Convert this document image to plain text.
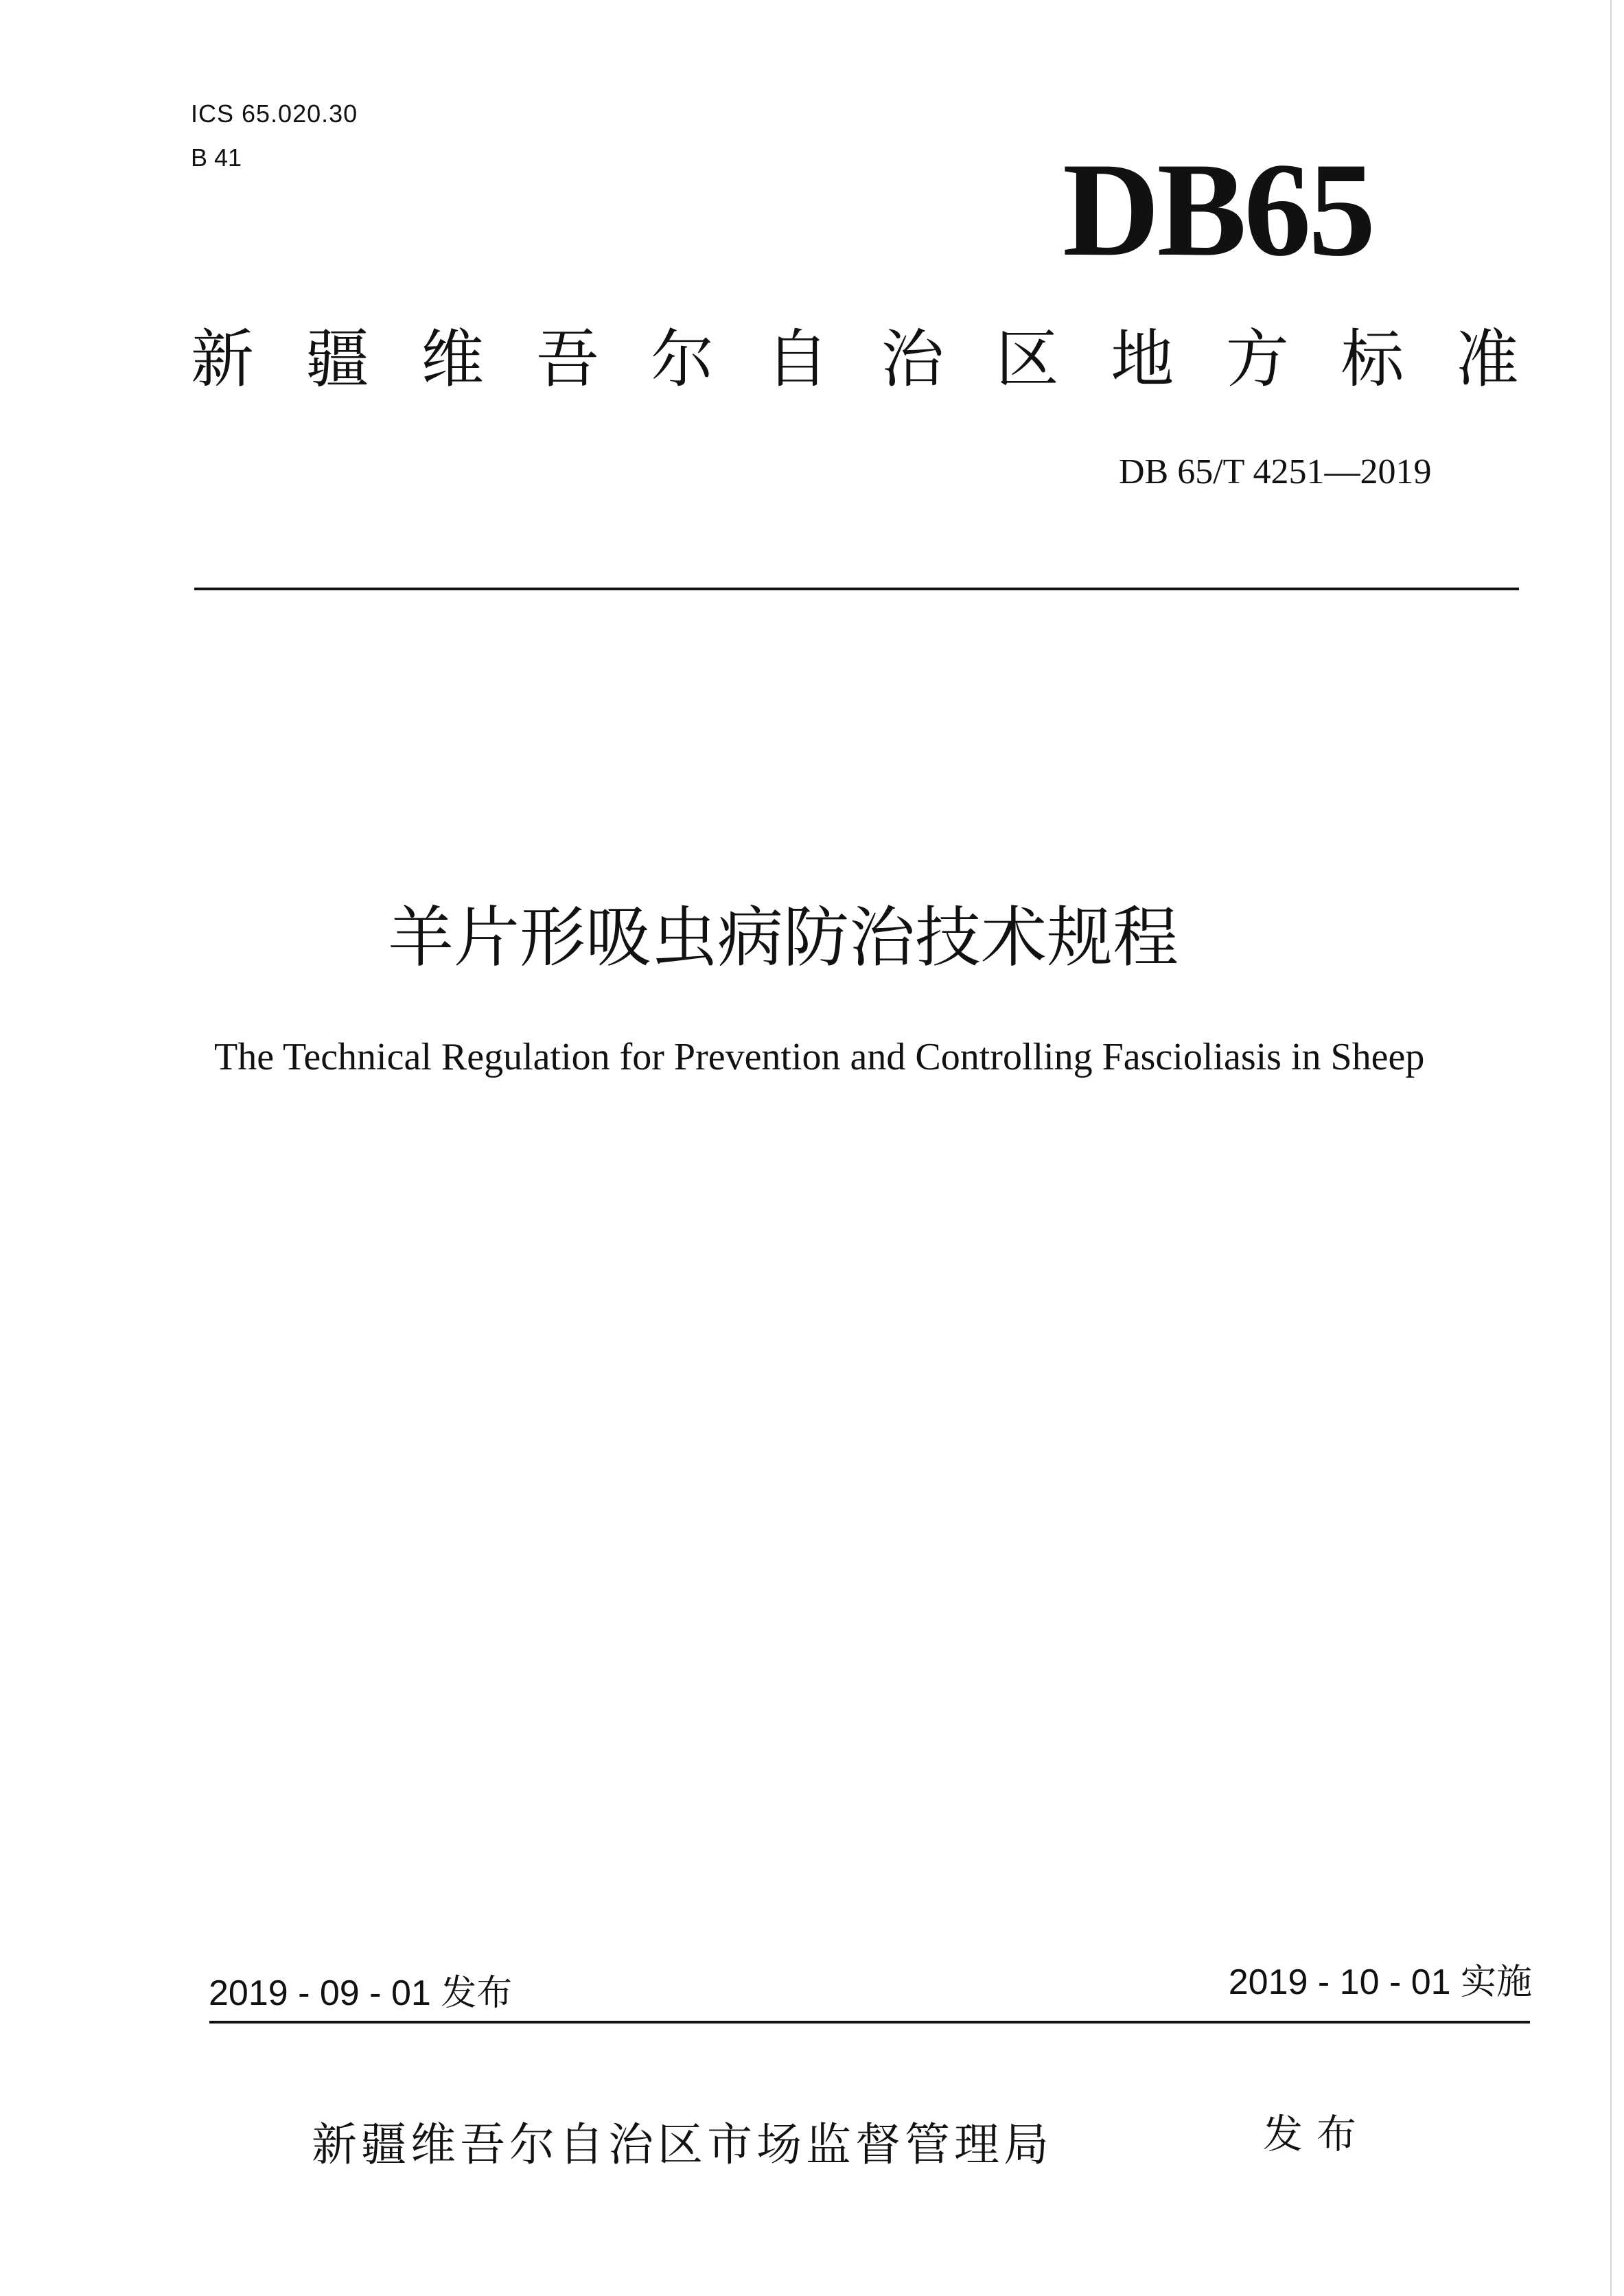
ICS 65.020.30
B 41	DB65
新 疆 维 吾 尔 自 治 区 地 方 标 准
DB 65/T 4251—2019
羊片形吸虫病防治技术规程
The Technical Regulation for Prevention and Controlling Fascioliasis in Sheep
2019 - 09 - 01 发布	2019 - 10 - 01 实施
新疆维吾尔自治区市场监督管理局	发布
